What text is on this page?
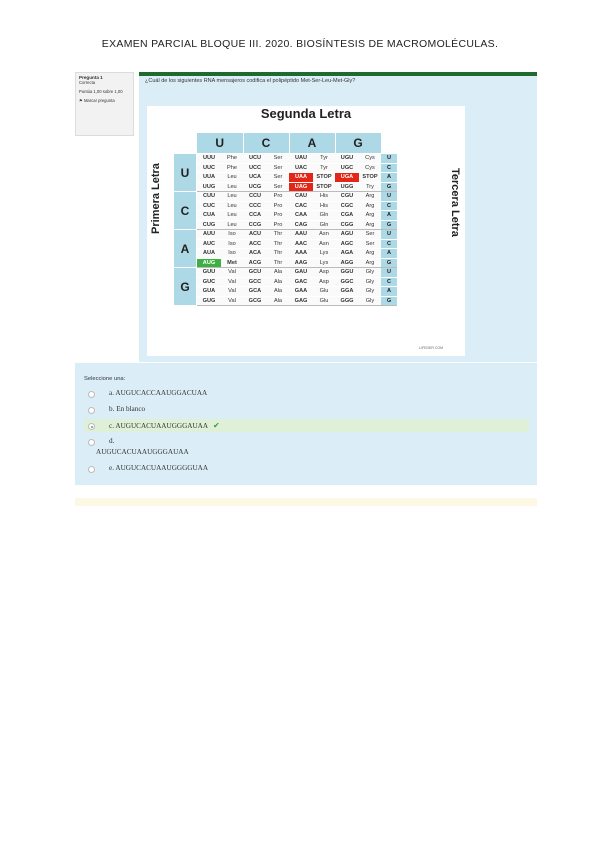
EXAMEN PARCIAL BLOQUE III. 2020. BIOSÍNTESIS DE MACROMOLÉCULAS.
Pregunta 1
Correcta
Puntúa 1,00 sobre 1,00
⚑ Marcar pregunta
¿Cuál de los siguientes RNA mensajeros codifica el polipéptido Met-Ser-Leu-Met-Gly?
Segunda Letra
Primera Letra	Tercera Letra
	U		C		A		G		
U	UUU	Phe	UCU	Ser	UAU	Tyr	UGU	Cys	U
	UUC	Phe	UCC	Ser	UAC	Tyr	UGC	Cys	C
	UUA	Leu	UCA	Ser	UAA	STOP	UGA	STOP	A
	UUG	Leu	UCG	Ser	UAG	STOP	UGG	Try	G
C	CUU	Leu	CCU	Pro	CAU	His	CGU	Arg	U
	CUC	Leu	CCC	Pro	CAC	His	CGC	Arg	C
	CUA	Leu	CCA	Pro	CAA	Gln	CGA	Arg	A
	CUG	Leu	CCG	Pro	CAG	Gln	CGG	Arg	G
A	AUU	Iso	ACU	Thr	AAU	Asn	AGU	Ser	U
	AUC	Iso	ACC	Thr	AAC	Asn	AGC	Ser	C
	AUA	Iso	ACA	Thr	AAA	Lys	AGA	Arg	A
	AUG	Met	ACG	Thr	AAG	Lys	AGG	Arg	G
G	GUU	Val	GCU	Ala	GAU	Asp	GGU	Gly	U
	GUC	Val	GCC	Ala	GAC	Asp	GGC	Gly	C
	GUA	Val	GCA	Ala	GAA	Glu	GGA	Gly	A
	GUG	Val	GCG	Ala	GAG	Glu	GGG	Gly	G
LIFEDER.COM
Seleccione una:
a. AUGUCACCAAUGGACUAA
b. En blanco
c. AUGUCACUAAUGGGAUAA ✔
d.
AUGUCACUAAUGGGAUAA
e. AUGUCACUAAUGGGGUAA
